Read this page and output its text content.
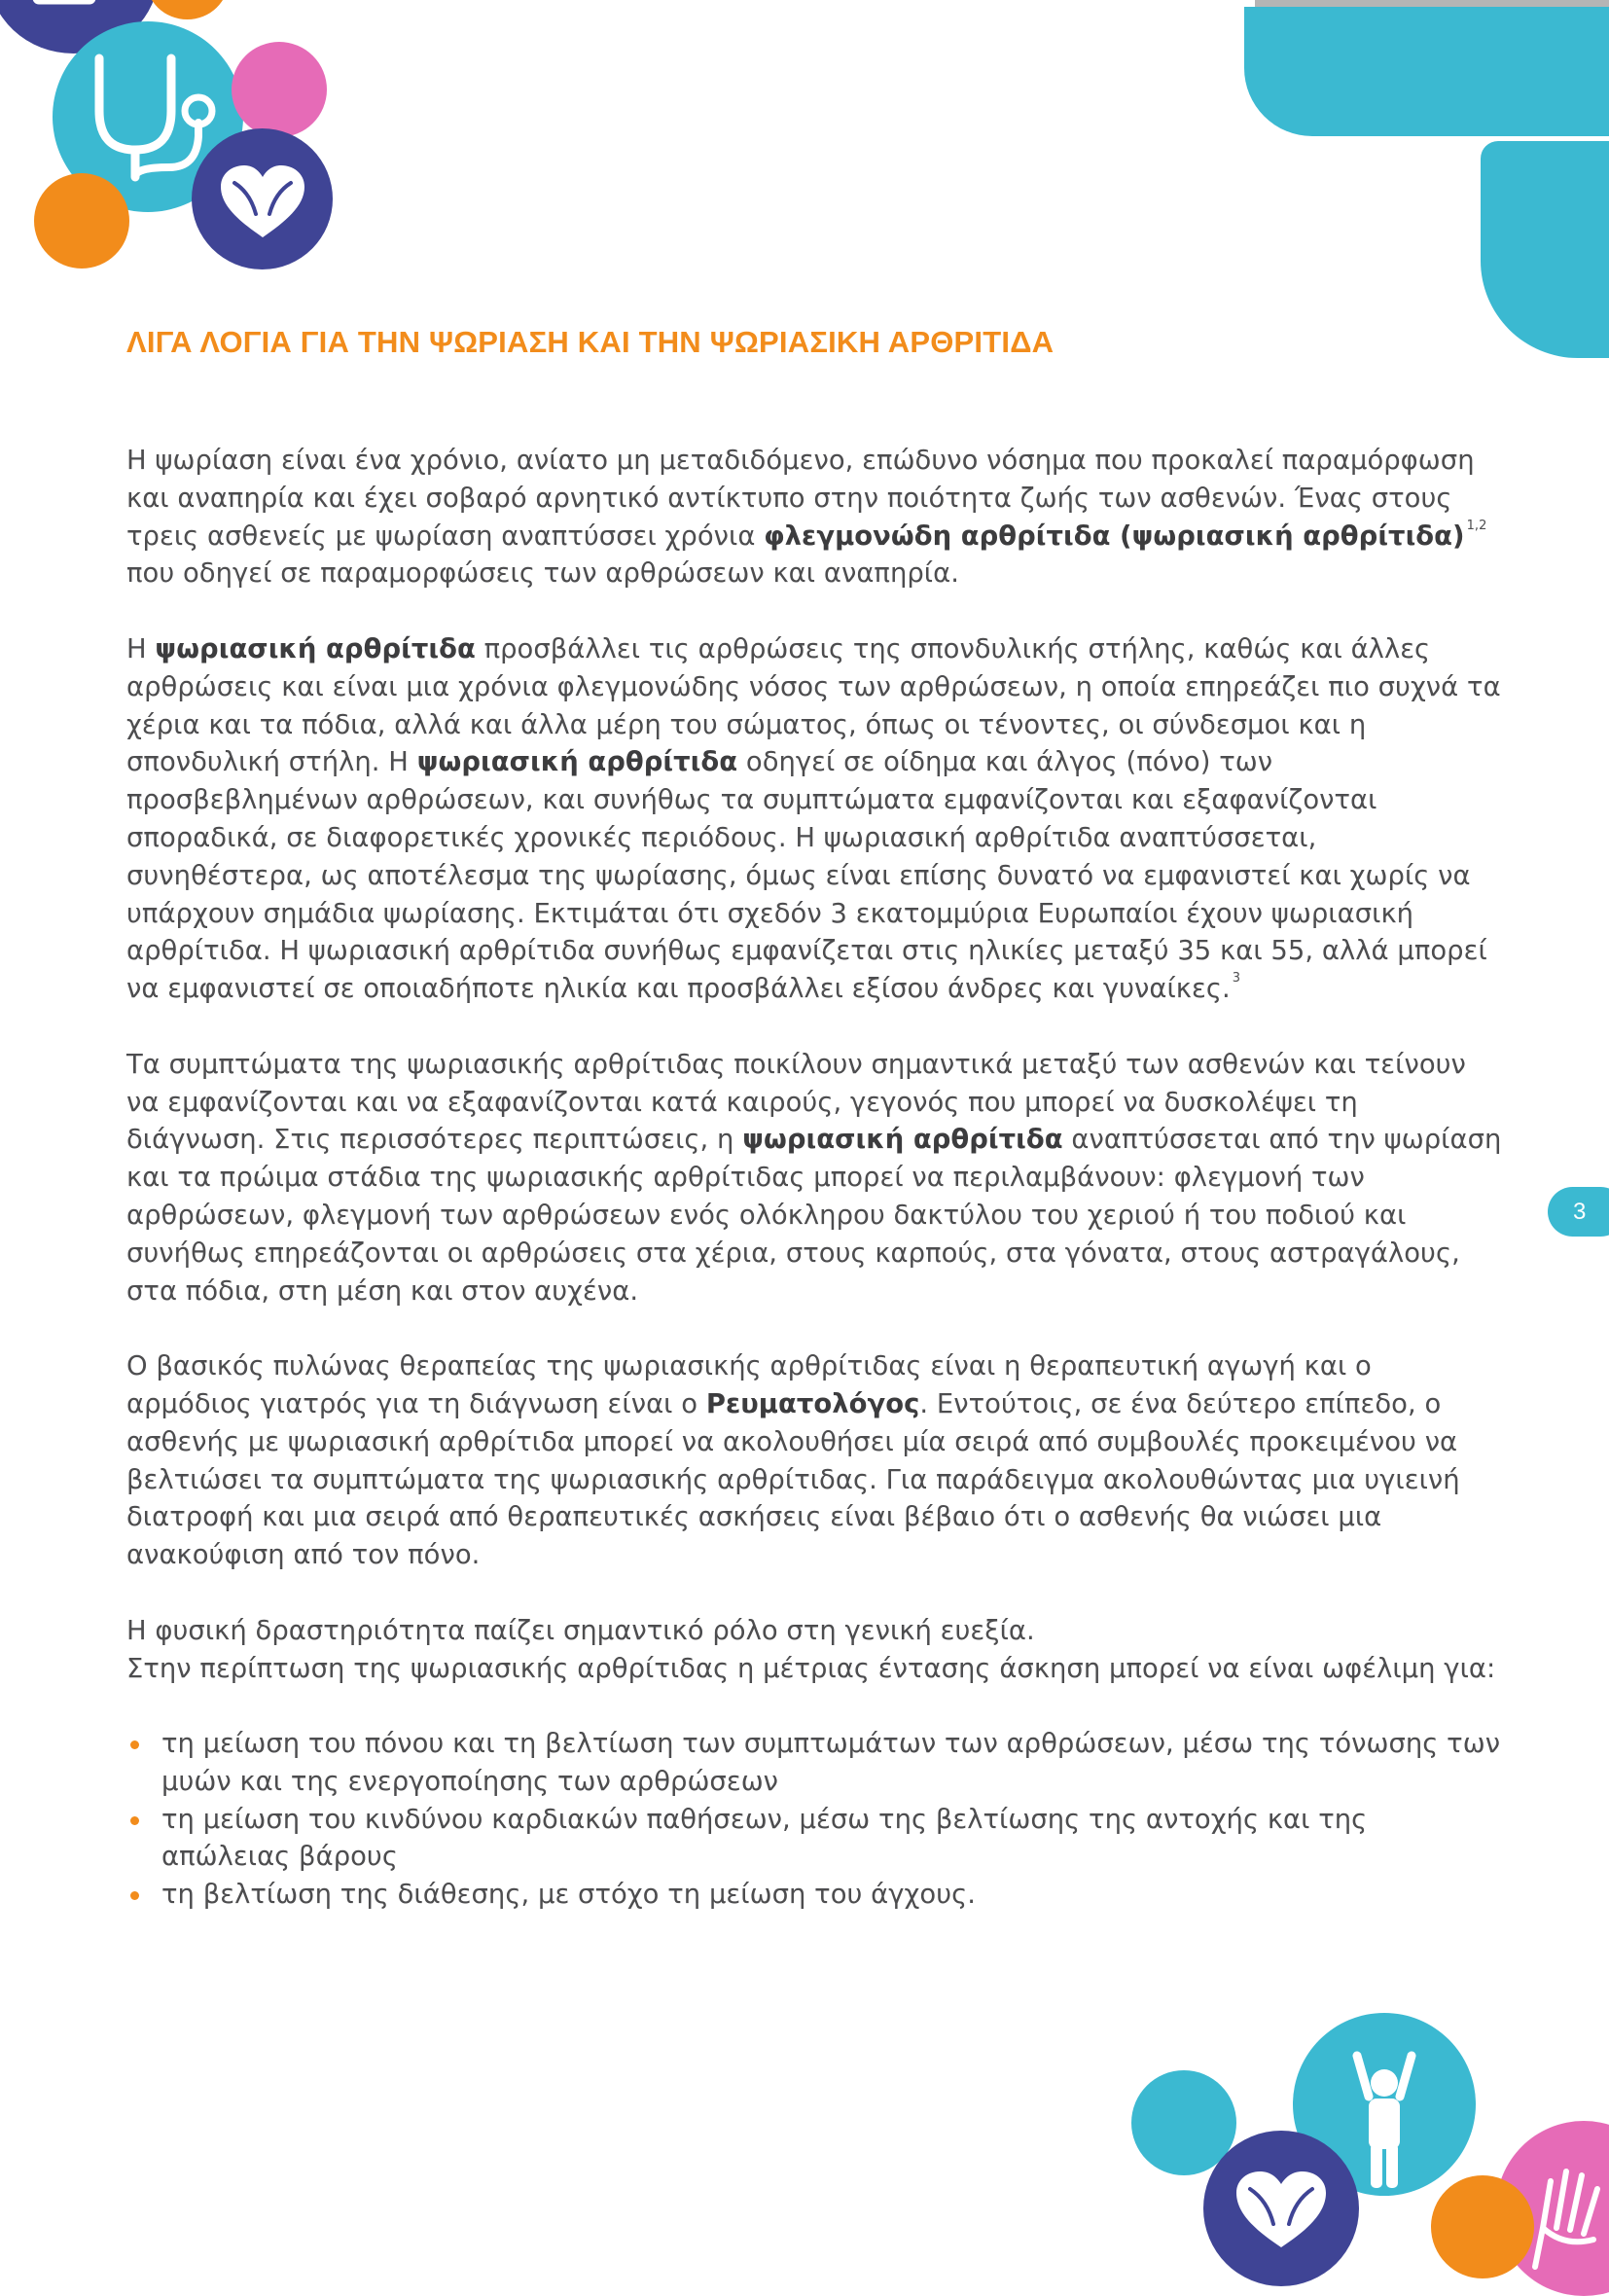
ΛΙΓΑ ΛΟΓΙΑ ΓΙΑ ΤΗΝ ΨΩΡΙΑΣΗ ΚΑΙ ΤΗΝ ΨΩΡΙΑΣΙΚΗ ΑΡΘΡΙΤΙΔΑ

Η ψωρίαση είναι ένα χρόνιο, ανίατο μη μεταδιδόμενο, επώδυνο νόσημα που προκαλεί παραμόρφωση και αναπηρία και έχει σοβαρό αρνητικό αντίκτυπο στην ποιότητα ζωής των ασθενών. Ένας στους τρεις ασθενείς με ψωρίαση αναπτύσσει χρόνια φλεγμονώδη αρθρίτιδα (ψωριασική αρθρίτιδα) $^{1,2}$ που οδηγεί σε παραμορφώσεις των αρθρώσεων και αναπηρία.

Η ψωριασική αρθρίτιδα προσβάλλει τις αρθρώσεις της σπονδυλικής στήλης, καθώς και άλλες αρθρώσεις και είναι μια χρόνια φλεγμονώδης νόσος των αρθρώσεων, η οποία επηρεάζει πιο συχνά τα χέρια και τα πόδια, αλλά και άλλα μέρη του σώματος, όπως οι τένοντες, οι σύνδεσμοι και η σπονδυλική στήλη. Η ψωριασική αρθρίτιδα οδηγεί σε οίδημα και άλγος (πόνο) των προσβεβλημένων αρθρώσεων, και συνήθως τα συμπτώματα εμφανίζονται και εξαφανίζονται σποραδικά, σε διαφορετικές χρονικές περιόδους. Η ψωριασική αρθρίτιδα αναπτύσσεται, συνηθέστερα, ως αποτέλεσμα της ψωρίασης, όμως είναι επίσης δυνατό να εμφανιστεί και χωρίς να υπάρχουν σημάδια ψωρίασης. Εκτιμάται ότι σχεδόν 3 εκατομμύρια Ευρωπαίοι έχουν ψωριασική αρθρίτιδα. Η ψωριασική αρθρίτιδα συνήθως εμφανίζεται στις ηλικίες μεταξύ 35 και 55, αλλά μπορεί να εμφανιστεί σε οποιαδήποτε ηλικία και προσβάλλει εξίσου άνδρες και γυναίκες. $^3$

Τα συμπτώματα της ψωριασικής αρθρίτιδας ποικίλουν σημαντικά μεταξύ των ασθενών και τείνουν να εμφανίζονται και να εξαφανίζονται κατά καιρούς, γεγονός που μπορεί να δυσκολέψει τη διάγνωση. Στις περισσότερες περιπτώσεις, η ψωριασική αρθρίτιδα αναπτύσσεται από την ψωρίαση και τα πρώιμα στάδια της ψωριασικής αρθρίτιδας μπορεί να περιλαμβάνουν: φλεγμονή των αρθρώσεων, φλεγμονή των αρθρώσεων ενός ολόκληρου δακτύλου του χεριού ή του ποδιού και συνήθως επηρεάζονται οι αρθρώσεις στα χέρια, στους καρπούς, στα γόνατα, στους αστραγάλους, στα πόδια, στη μέση και στον αυχένα.

Ο βασικός πυλώνας θεραπείας της ψωριασικής αρθρίτιδας είναι η θεραπευτική αγωγή και ο αρμόδιος γιατρός για τη διάγνωση είναι ο Ρευματολόγος. Εντούτοις, σε ένα δεύτερο επίπεδο, ο ασθενής με ψωριασική αρθρίτιδα μπορεί να ακολουθήσει μία σειρά από συμβουλές προκειμένου να βελτιώσει τα συμπτώματα της ψωριασικής αρθρίτιδας. Για παράδειγμα ακολουθώντας μια υγιεινή διατροφή και μια σειρά από θεραπευτικές ασκήσεις είναι βέβαιο ότι ο ασθενής θα νιώσει μια ανακούφιση από τον πόνο.

Η φυσική δραστηριότητα παίζει σημαντικό ρόλο στη γενική ευεξία.
Στην περίπτωση της ψωριασικής αρθρίτιδας η μέτριας έντασης άσκηση μπορεί να είναι ωφέλιμη για:

τη μείωση του πόνου και τη βελτίωση των συμπτωμάτων των αρθρώσεων, μέσω της τόνωσης των μυών και της ενεργοποίησης των αρθρώσεων
τη μείωση του κινδύνου καρδιακών παθήσεων, μέσω της βελτίωσης της αντοχής και της απώλειας βάρους
τη βελτίωση της διάθεσης, με στόχο τη μείωση του άγχους.
3
